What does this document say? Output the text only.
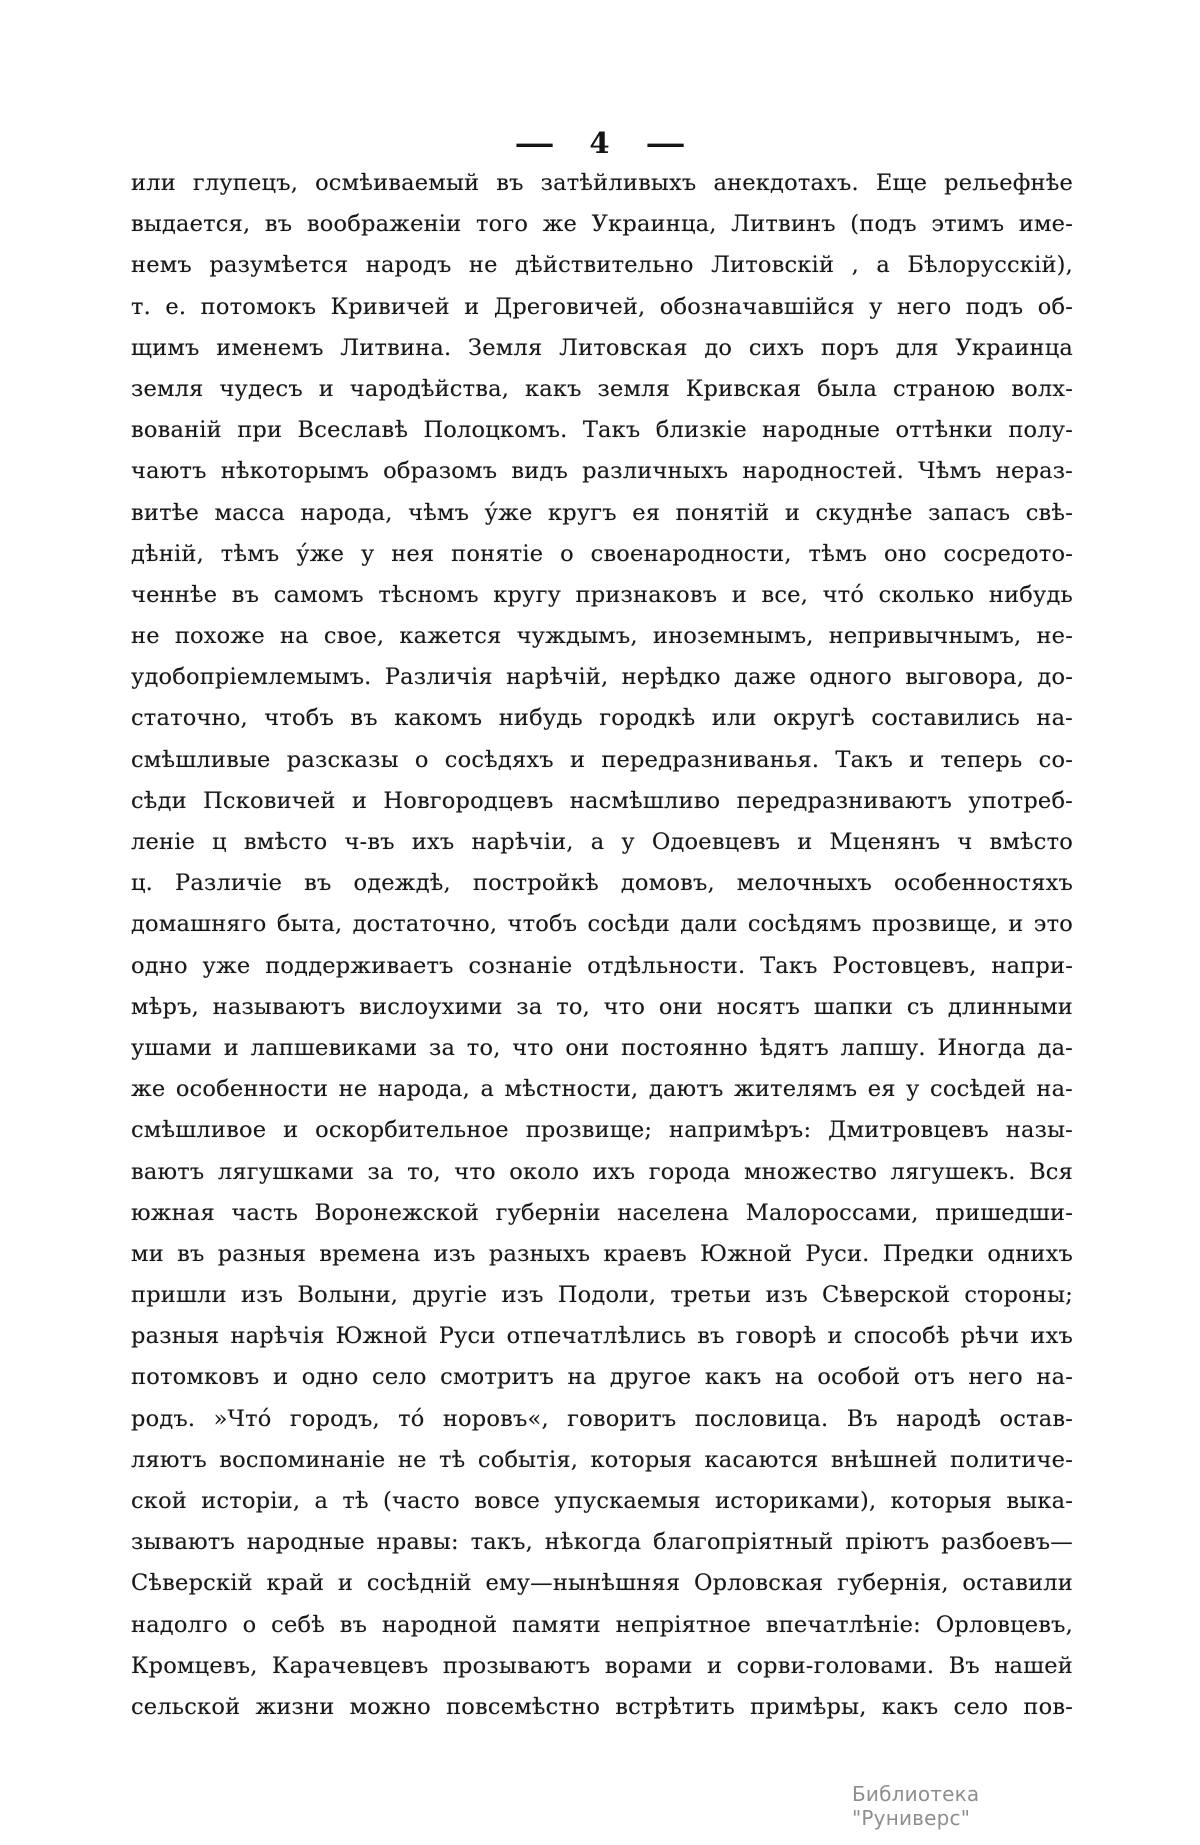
— 4 —
или глупецъ, осмѣиваемый въ затѣйливыхъ анекдотахъ. Еще рельефнѣе
выдается, въ воображеніи того же Украинца, Литвинъ (подъ этимъ име-
немъ разумѣется народъ не дѣйствительно Литовскій , а Бѣлорусскій),
т. е. потомокъ Кривичей и Дреговичей, обозначавшійся у него подъ об-
щимъ именемъ Литвина. Земля Литовская до сихъ поръ для Украинца
земля чудесъ и чародѣйства, какъ земля Кривская была страною волх-
вованій при Всеславѣ Полоцкомъ. Такъ близкіе народные оттѣнки полу-
чаютъ нѣкоторымъ образомъ видъ различныхъ народностей. Чѣмъ нераз-
витѣе масса народа, чѣмъ у́же кругъ ея понятій и скуднѣе запасъ свѣ-
дѣній, тѣмъ у́же у нея понятіе о своенародности, тѣмъ оно сосредото-
ченнѣе въ самомъ тѣсномъ кругу признаковъ и все, что́ сколько нибудь
не похоже на свое, кажется чуждымъ, иноземнымъ, непривычнымъ, не-
удобопріемлемымъ. Различія нарѣчій, нерѣдко даже одного выговора, до-
статочно, чтобъ въ какомъ нибудь городкѣ или округѣ составились на-
смѣшливые разсказы о сосѣдяхъ и передразниванья. Такъ и теперь со-
сѣди Псковичей и Новгородцевъ насмѣшливо передразниваютъ употреб-
леніе ц вмѣсто ч-въ ихъ нарѣчіи, а у Одоевцевъ и Мценянъ ч вмѣсто
ц. Различіе въ одеждѣ, постройкѣ домовъ, мелочныхъ особенностяхъ
домашняго быта, достаточно, чтобъ сосѣди дали сосѣдямъ прозвище, и это
одно уже поддерживаетъ сознаніе отдѣльности. Такъ Ростовцевъ, напри-
мѣръ, называютъ вислоухими за то, что они носятъ шапки съ длинными
ушами и лапшевиками за то, что они постоянно ѣдятъ лапшу. Иногда да-
же особенности не народа, а мѣстности, даютъ жителямъ ея у сосѣдей на-
смѣшливое и оскорбительное прозвище; напримѣръ: Дмитровцевъ назы-
ваютъ лягушками за то, что около ихъ города множество лягушекъ. Вся
южная часть Воронежской губерніи населена Малороссами, пришедши-
ми въ разныя времена изъ разныхъ краевъ Южной Руси. Предки однихъ
пришли изъ Волыни, другіе изъ Подоли, третьи изъ Сѣверской стороны;
разныя нарѣчія Южной Руси отпечатлѣлись въ говорѣ и способѣ рѣчи ихъ
потомковъ и одно село смотритъ на другое какъ на особой отъ него на-
родъ. »Что́ городъ, то́ норовъ«, говоритъ пословица. Въ народѣ остав-
ляютъ воспоминаніе не тѣ событія, которыя касаются внѣшней политиче-
ской исторіи, а тѣ (часто вовсе упускаемыя историками), которыя выка-
зываютъ народные нравы: такъ, нѣкогда благопріятный пріютъ разбоевъ—
Сѣверскій край и сосѣдній ему—нынѣшняя Орловская губернія, оставили
надолго о себѣ въ народной памяти непріятное впечатлѣніе: Орловцевъ,
Кромцевъ, Карачевцевъ прозываютъ ворами и сорви-головами. Въ нашей
сельской жизни можно повсемѣстно встрѣтить примѣры, какъ село пов-
Библиотека "Руниверс"
